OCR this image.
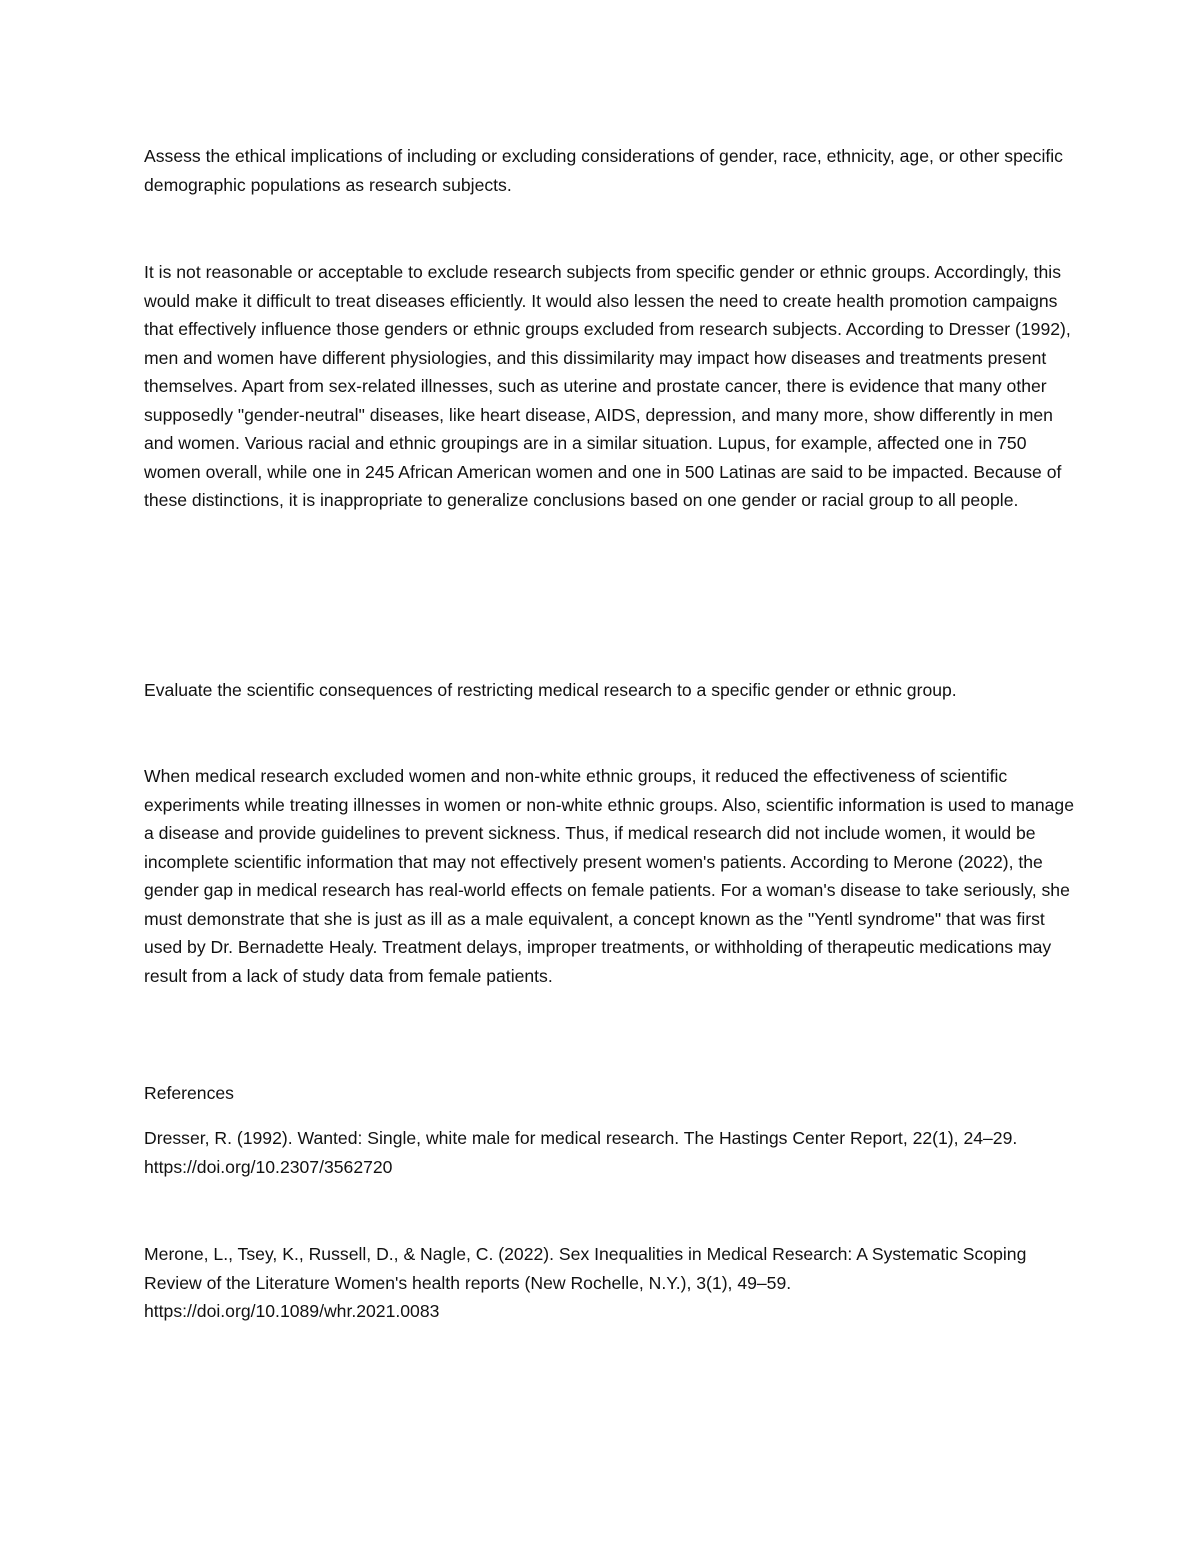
Assess the ethical implications of including or excluding considerations of gender, race, ethnicity, age, or other specific demographic populations as research subjects.

It is not reasonable or acceptable to exclude research subjects from specific gender or ethnic groups. Accordingly, this would make it difficult to treat diseases efficiently. It would also lessen the need to create health promotion campaigns that effectively influence those genders or ethnic groups excluded from research subjects. According to Dresser (1992), men and women have different physiologies, and this dissimilarity may impact how diseases and treatments present themselves. Apart from sex-related illnesses, such as uterine and prostate cancer, there is evidence that many other supposedly "gender-neutral" diseases, like heart disease, AIDS, depression, and many more, show differently in men and women. Various racial and ethnic groupings are in a similar situation. Lupus, for example, affected one in 750 women overall, while one in 245 African American women and one in 500 Latinas are said to be impacted. Because of these distinctions, it is inappropriate to generalize conclusions based on one gender or racial group to all people.

Evaluate the scientific consequences of restricting medical research to a specific gender or ethnic group.

When medical research excluded women and non-white ethnic groups, it reduced the effectiveness of scientific experiments while treating illnesses in women or non-white ethnic groups. Also, scientific information is used to manage a disease and provide guidelines to prevent sickness. Thus, if medical research did not include women, it would be incomplete scientific information that may not effectively present women's patients. According to Merone (2022), the gender gap in medical research has real-world effects on female patients. For a woman's disease to take seriously, she must demonstrate that she is just as ill as a male equivalent, a concept known as the "Yentl syndrome" that was first used by Dr. Bernadette Healy. Treatment delays, improper treatments, or withholding of therapeutic medications may result from a lack of study data from female patients.

References

Dresser, R. (1992). Wanted: Single, white male for medical research. The Hastings Center Report, 22(1), 24–29. https://doi.org/10.2307/3562720

Merone, L., Tsey, K., Russell, D., & Nagle, C. (2022). Sex Inequalities in Medical Research: A Systematic Scoping Review of the Literature Women's health reports (New Rochelle, N.Y.), 3(1), 49–59.
https://doi.org/10.1089/whr.2021.0083
